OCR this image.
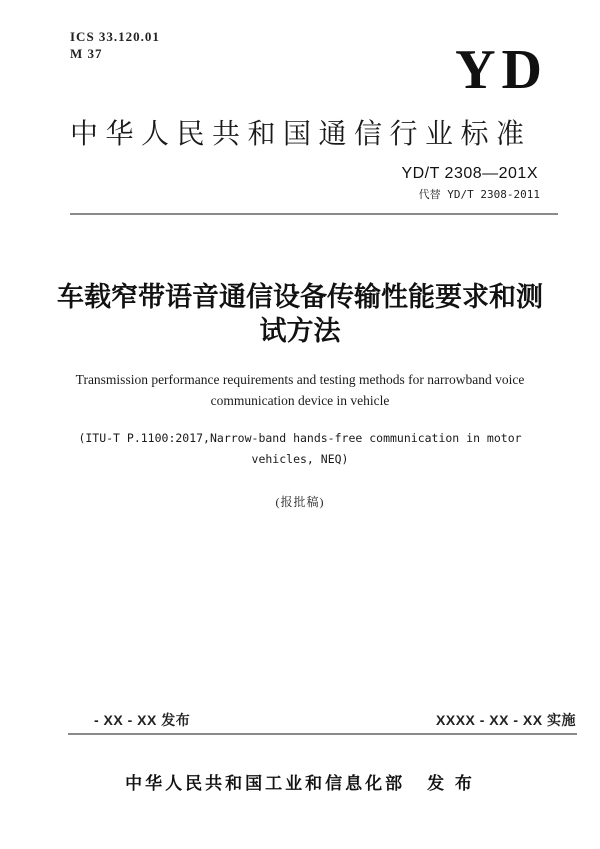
ICS 33.120.01
M 37	YD
中华人民共和国通信行业标准
YD/T 2308—201X
代替 YD/T 2308-2011
车载窄带语音通信设备传输性能要求和测
试方法
Transmission performance requirements and testing methods for narrowband voice
communication device in vehicle
(ITU-T P.1100:2017,Narrow-band hands-free communication in motor
vehicles, NEQ)
(报批稿)
- XX - XX 发布	XXXX - XX - XX 实施
中华人民共和国工业和信息化部 发 布
